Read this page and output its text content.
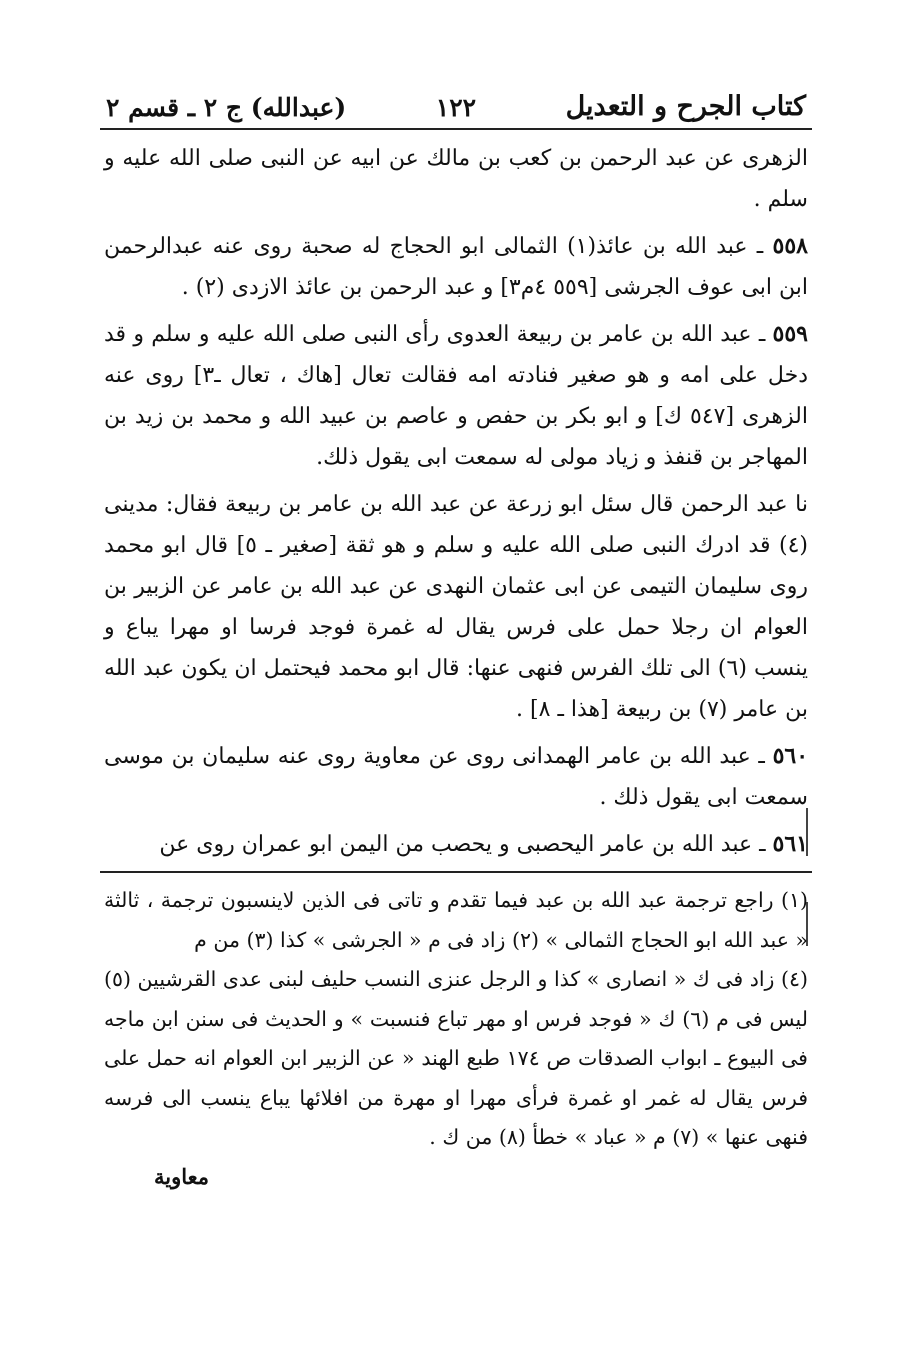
كتاب الجرح و التعديل
١٢٢
(عبدالله) ج ٢ ـ قسم ٢

الزهرى عن عبد الرحمن بن كعب بن مالك عن ابيه عن النبى صلى الله عليه و سلم .

٥٥٨ ـ عبد الله بن عائذ(١) الثمالى ابو الحجاج له صحبة روى عنه عبدالرحمن ابن ابى عوف الجرشى [٥٥٩ ٤م٣] و عبد الرحمن بن عائذ الازدى (٢) .

٥٥٩ ـ عبد الله بن عامر بن ربيعة العدوى رأى النبى صلى الله عليه و سلم و قد دخل على امه و هو صغير فنادته امه فقالت تعال [هاك ، تعال ـ٣] روى عنه الزهرى [٥٤٧ ك] و ابو بكر بن حفص و عاصم بن عبيد الله و محمد بن زيد بن المهاجر بن قنفذ و زياد مولى له سمعت ابى يقول ذلك.

نا عبد الرحمن قال سئل ابو زرعة عن عبد الله بن عامر بن ربيعة فقال: مدينى (٤) قد ادرك النبى صلى الله عليه و سلم و هو ثقة [صغير ـ ٥] قال ابو محمد روى سليمان التيمى عن ابى عثمان النهدى عن عبد الله بن عامر عن الزبير بن العوام ان رجلا حمل على فرس يقال له غمرة فوجد فرسا او مهرا يباع و ينسب (٦) الى تلك الفرس فنهى عنها: قال ابو محمد فيحتمل ان يكون عبد الله بن عامر (٧) بن ربيعة [هذا ـ ٨] .

٥٦٠ ـ عبد الله بن عامر الهمدانى روى عن معاوية روى عنه سليمان بن موسى سمعت ابى يقول ذلك .

٥٦١ ـ عبد الله بن عامر اليحصبى و يحصب من اليمن ابو عمران روى عن

(١) راجع ترجمة عبد الله بن عبد فيما تقدم و تاتى فى الذين لاينسبون ترجمة ، ثالثة « عبد الله ابو الحجاج الثمالى » (٢) زاد فى م « الجرشى » كذا (٣) من م

(٤) زاد فى ك « انصارى » كذا و الرجل عنزى النسب حليف لبنى عدى القرشيين (٥) ليس فى م (٦) ك « فوجد فرس او مهر تباع فنسبت » و الحديث فى سنن ابن ماجه فى البيوع ـ ابواب الصدقات ص ١٧٤ طبع الهند « عن الزبير ابن العوام انه حمل على فرس يقال له غمر او غمرة فرأى مهرا او مهرة من افلائها يباع ينسب الى فرسه فنهى عنها » (٧) م « عباد » خطأ (٨) من ك .

معاوية
